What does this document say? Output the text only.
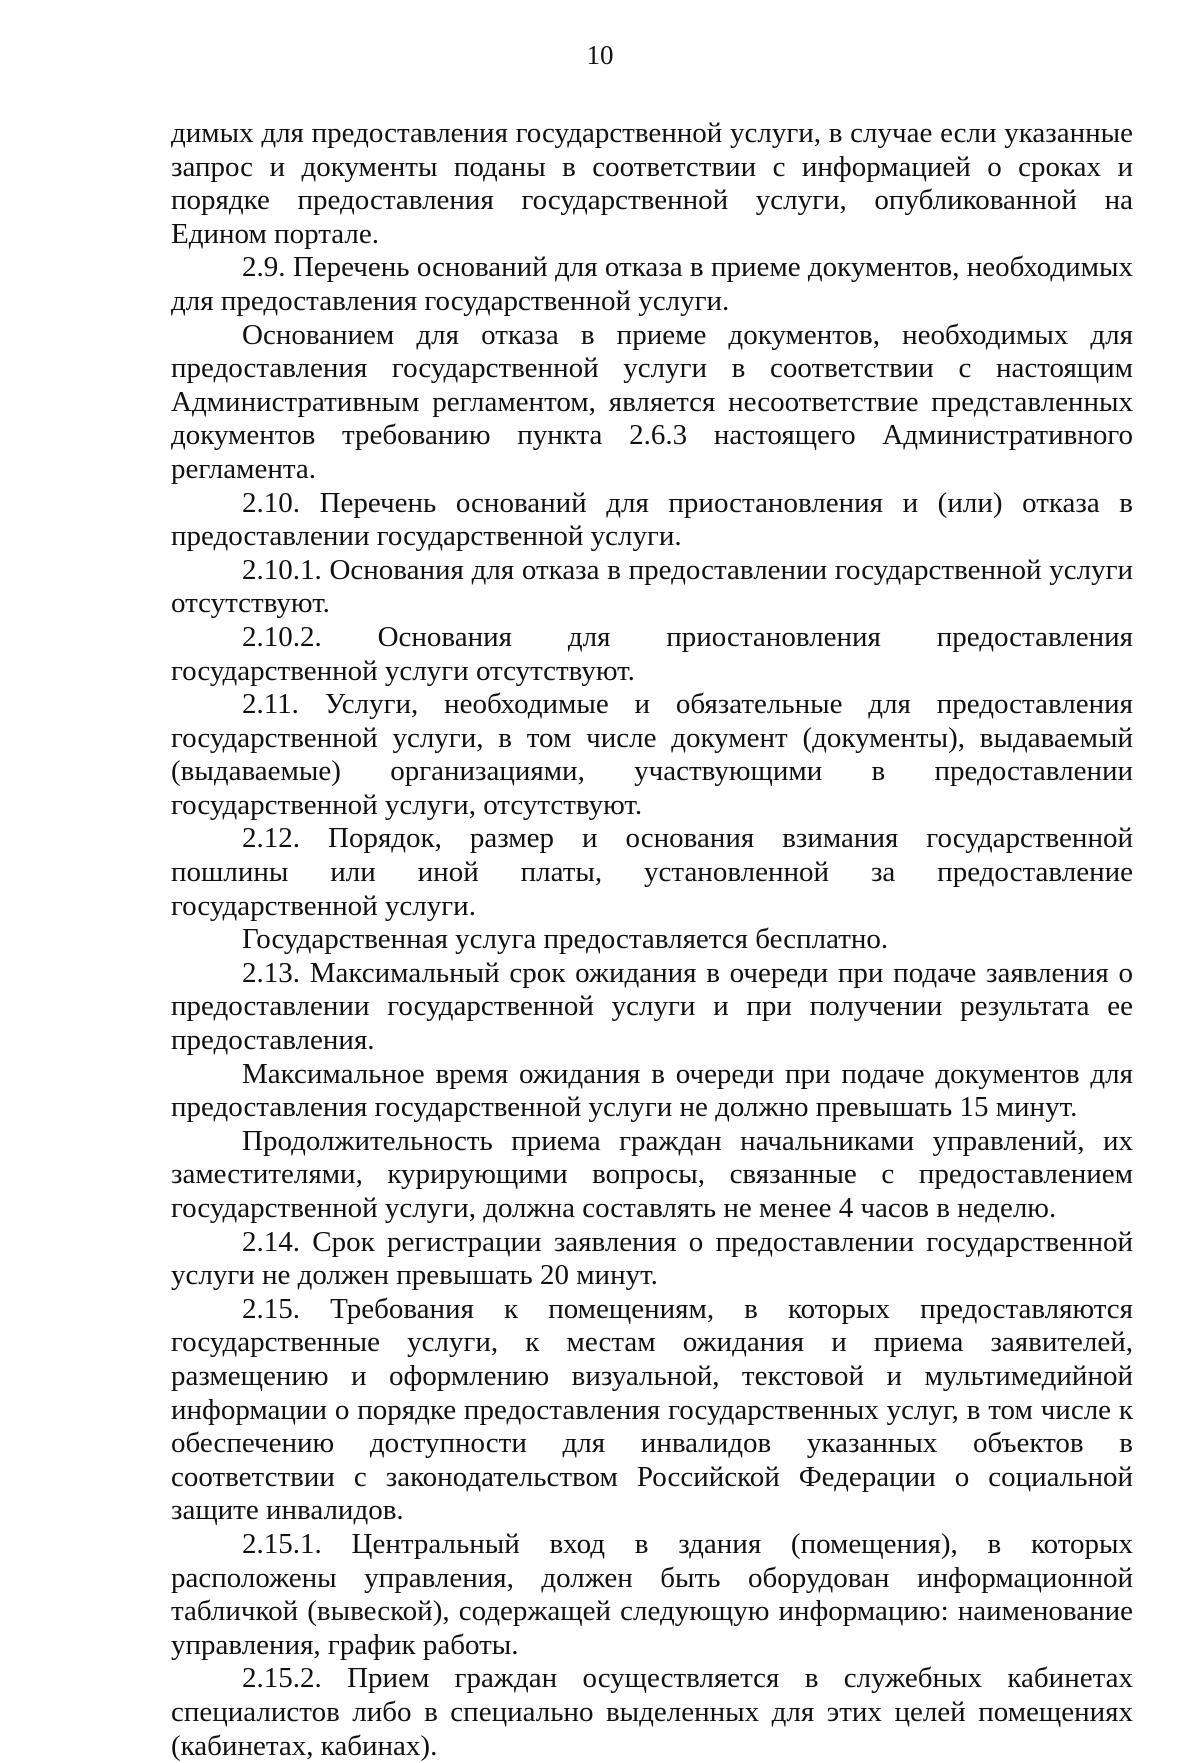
10

димых для предоставления государственной услуги, в случае если указанные запрос и документы поданы в соответствии с информацией о сроках и порядке предоставления государственной услуги, опубликованной на Едином портале.

2.9. Перечень оснований для отказа в приеме документов, необходимых для предоставления государственной услуги.

Основанием для отказа в приеме документов, необходимых для предоставления государственной услуги в соответствии с настоящим Административным регламентом, является несоответствие представленных документов требованию пункта 2.6.3 настоящего Административного регламента.

2.10. Перечень оснований для приостановления и (или) отказа в предоставлении государственной услуги.

2.10.1. Основания для отказа в предоставлении государственной услуги отсутствуют.

2.10.2. Основания для приостановления предоставления государственной услуги отсутствуют.

2.11. Услуги, необходимые и обязательные для предоставления государственной услуги, в том числе документ (документы), выдаваемый (выдаваемые) организациями, участвующими в предоставлении государственной услуги, отсутствуют.

2.12. Порядок, размер и основания взимания государственной пошлины или иной платы, установленной за предоставление государственной услуги.

Государственная услуга предоставляется бесплатно.

2.13. Максимальный срок ожидания в очереди при подаче заявления о предоставлении государственной услуги и при получении результата ее предоставления.

Максимальное время ожидания в очереди при подаче документов для предоставления государственной услуги не должно превышать 15 минут.

Продолжительность приема граждан начальниками управлений, их заместителями, курирующими вопросы, связанные с предоставлением государственной услуги, должна составлять не менее 4 часов в неделю.

2.14. Срок регистрации заявления о предоставлении государственной услуги не должен превышать 20 минут.

2.15. Требования к помещениям, в которых предоставляются государственные услуги, к местам ожидания и приема заявителей, размещению и оформлению визуальной, текстовой и мультимедийной информации о порядке предоставления государственных услуг, в том числе к обеспечению доступности для инвалидов указанных объектов в соответствии с законодательством Российской Федерации о социальной защите инвалидов.

2.15.1. Центральный вход в здания (помещения), в которых расположены управления, должен быть оборудован информационной табличкой (вывеской), содержащей следующую информацию: наименование управления, график работы.

2.15.2. Прием граждан осуществляется в служебных кабинетах специалистов либо в специально выделенных для этих целей помещениях (кабинетах, кабинах).
